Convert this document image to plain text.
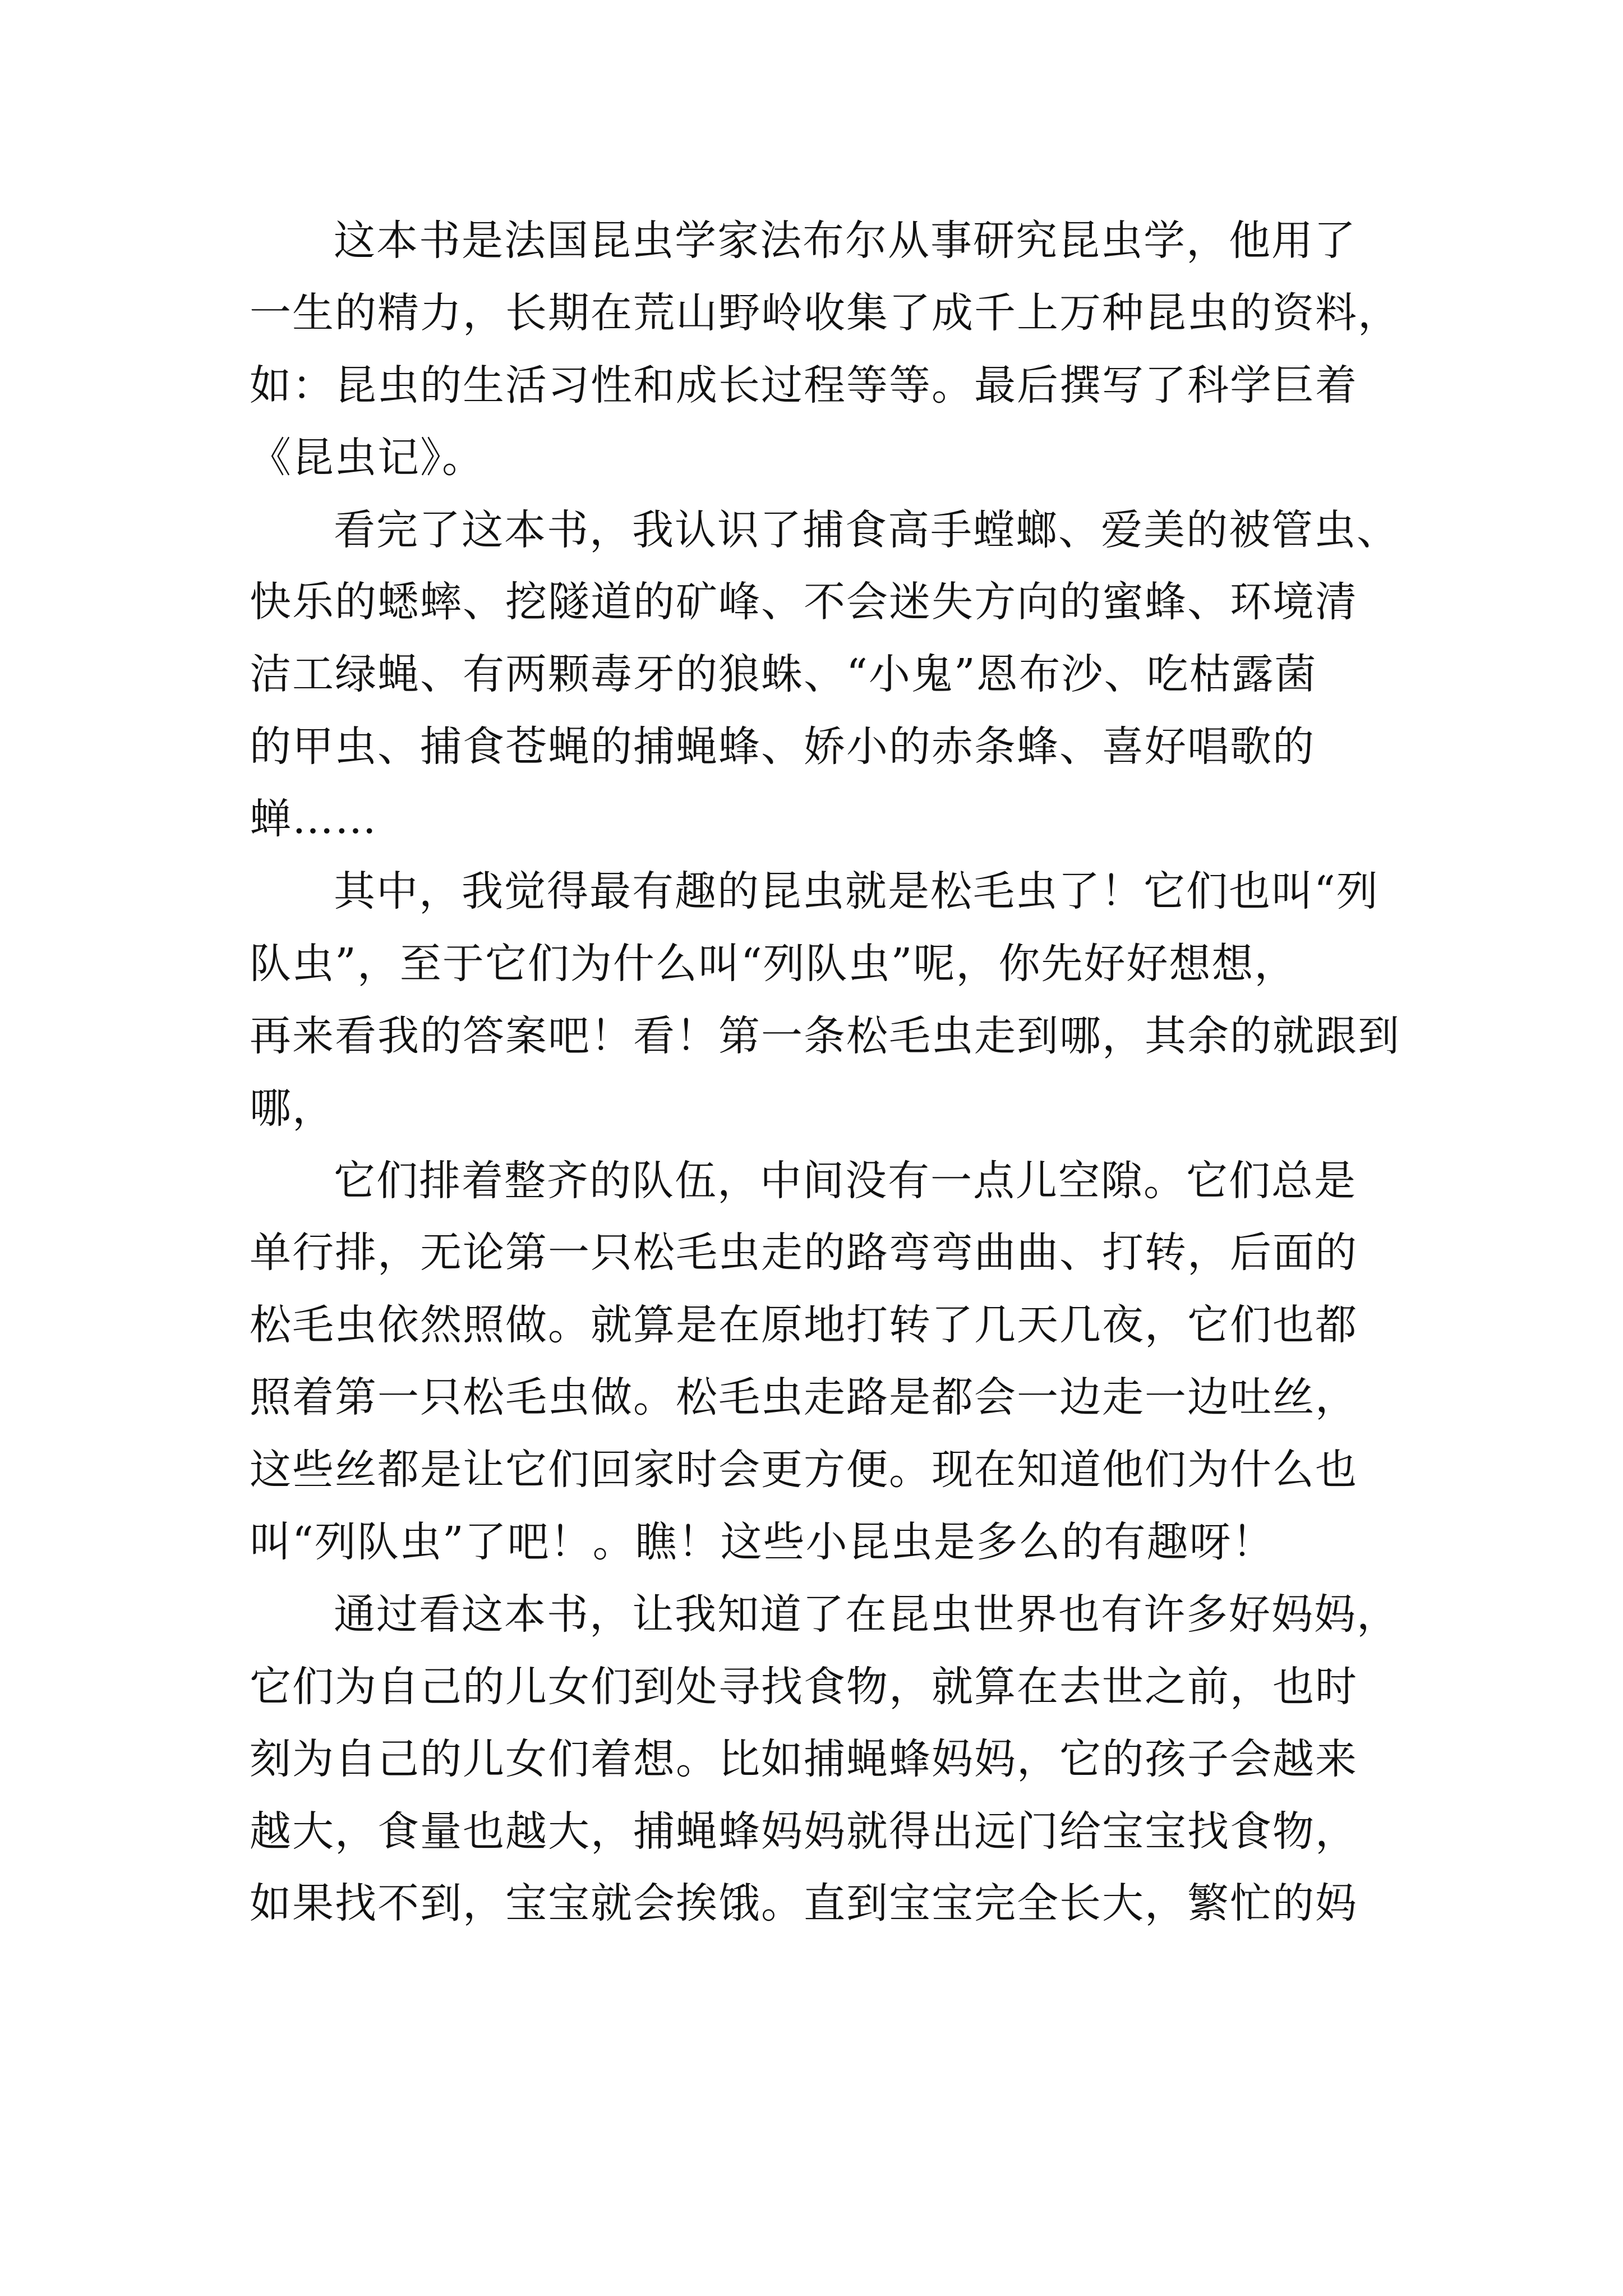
这本书是法国昆虫学家法布尔从事研究昆虫学，他用了
一生的精力，长期在荒山野岭收集了成千上万种昆虫的资料，
如：昆虫的生活习性和成长过程等等。最后撰写了科学巨着
《昆虫记》。

看完了这本书，我认识了捕食高手螳螂、爱美的被管虫、
快乐的蟋蟀、挖隧道的矿峰、不会迷失方向的蜜蜂、环境清
洁工绿蝇、有两颗毒牙的狼蛛、“小鬼”恩布沙、吃枯露菌
的甲虫、捕食苍蝇的捕蝇蜂、娇小的赤条蜂、喜好唱歌的
蝉……

其中，我觉得最有趣的昆虫就是松毛虫了！它们也叫“列
队虫”，至于它们为什么叫“列队虫”呢，你先好好想想，
再来看我的答案吧！看！第一条松毛虫走到哪，其余的就跟到
哪，

它们排着整齐的队伍，中间没有一点儿空隙。它们总是
单行排，无论第一只松毛虫走的路弯弯曲曲、打转，后面的
松毛虫依然照做。就算是在原地打转了几天几夜，它们也都
照着第一只松毛虫做。松毛虫走路是都会一边走一边吐丝，
这些丝都是让它们回家时会更方便。现在知道他们为什么也
叫“列队虫”了吧！。瞧！这些小昆虫是多么的有趣呀！

通过看这本书，让我知道了在昆虫世界也有许多好妈妈，
它们为自己的儿女们到处寻找食物，就算在去世之前，也时
刻为自己的儿女们着想。比如捕蝇蜂妈妈，它的孩子会越来
越大，食量也越大，捕蝇蜂妈妈就得出远门给宝宝找食物，
如果找不到，宝宝就会挨饿。直到宝宝完全长大，繁忙的妈
